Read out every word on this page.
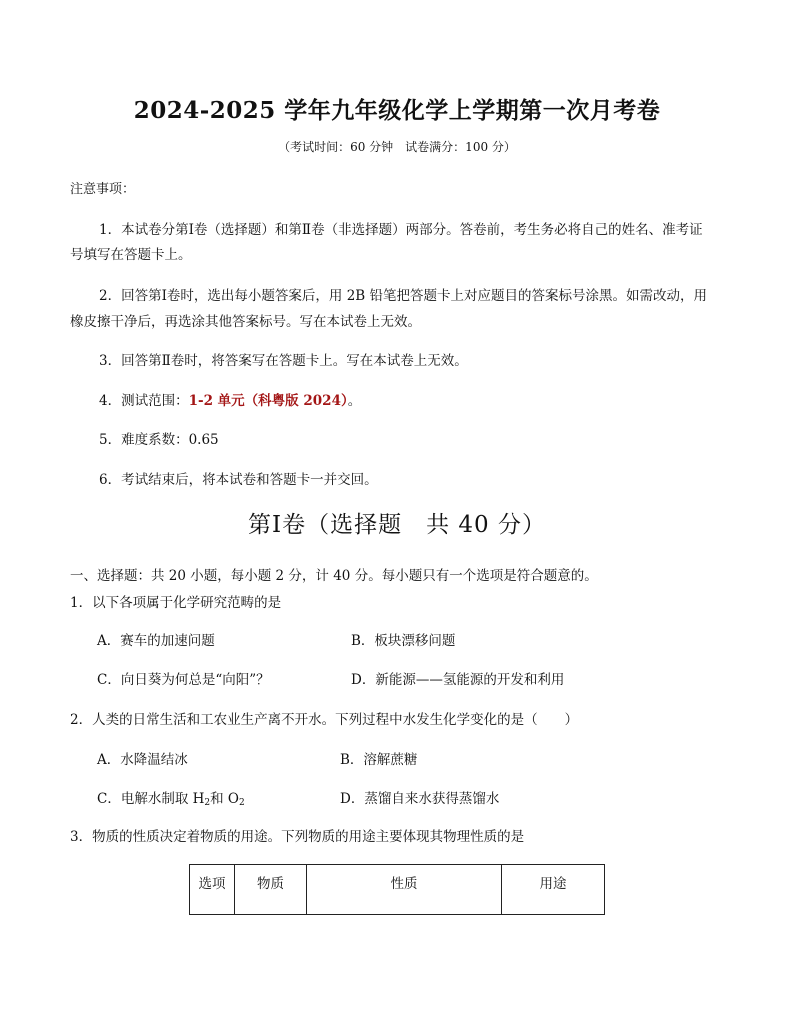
2024-2025 学年九年级化学上学期第一次月考卷
（考试时间：60 分钟　试卷满分：100 分）
注意事项：
1．本试卷分第Ⅰ卷（选择题）和第Ⅱ卷（非选择题）两部分。答卷前，考生务必将自己的姓名、准考证
号填写在答题卡上。
2．回答第Ⅰ卷时，选出每小题答案后，用 2B 铅笔把答题卡上对应题目的答案标号涂黑。如需改动，用
橡皮擦干净后，再选涂其他答案标号。写在本试卷上无效。
3．回答第Ⅱ卷时，将答案写在答题卡上。写在本试卷上无效。
4．测试范围：1-2 单元（科粤版 2024）。
5．难度系数：0.65
6．考试结束后，将本试卷和答题卡一并交回。
第Ⅰ卷（选择题　共 40 分）
一、选择题：共 20 小题，每小题 2 分，计 40 分。每小题只有一个选项是符合题意的。
1．以下各项属于化学研究范畴的是
A．赛车的加速问题	B．板块漂移问题
C．向日葵为何总是“向阳”？	D．新能源——氢能源的开发和利用
2．人类的日常生活和工农业生产离不开水。下列过程中水发生化学变化的是（　　）
A．水降温结冰	B．溶解蔗糖
C．电解水制取 $H_2$和 $O_2$	D．蒸馏自来水获得蒸馏水
3．物质的性质决定着物质的用途。下列物质的用途主要体现其物理性质的是
选项	物质	性质	用途
